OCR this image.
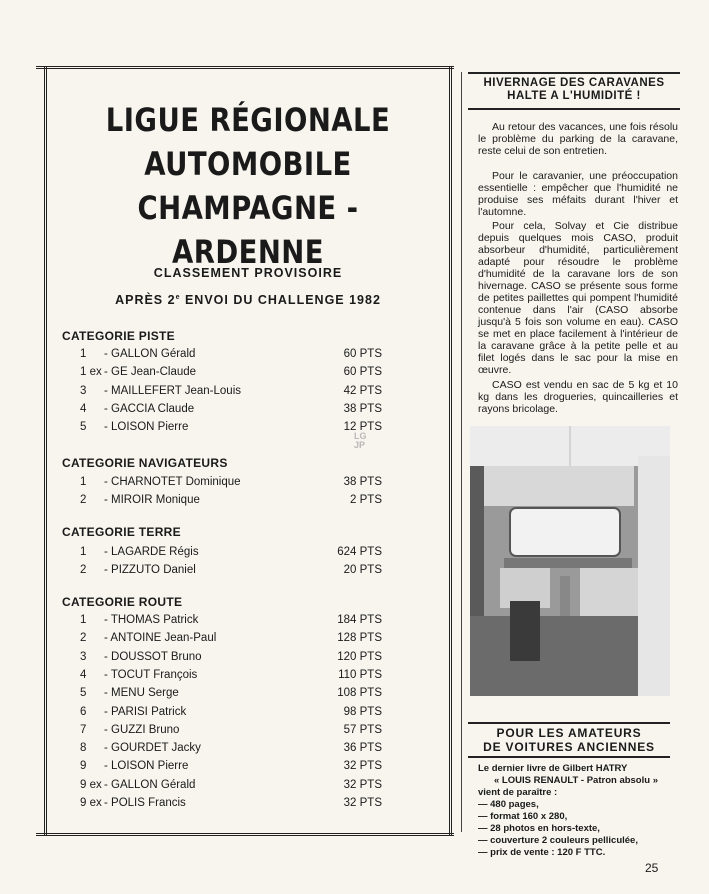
LIGUE RÉGIONALE
AUTOMOBILE
CHAMPAGNE - ARDENNE
CLASSEMENT PROVISOIRE
APRÈS 2e ENVOI DU CHALLENGE 1982
CATEGORIE PISTE
1	- GALLON Gérald	60 PTS
1 ex - GE Jean-Claude	60 PTS
3	- MAILLEFERT Jean-Louis	42 PTS
4	- GACCIA Claude	38 PTS
5	- LOISON Pierre	12 PTS
CATEGORIE NAVIGATEURS
1	- CHARNOTET Dominique	38 PTS
2	- MIROIR Monique	2 PTS
CATEGORIE TERRE
1	- LAGARDE Régis	624 PTS
2	- PIZZUTO Daniel	20 PTS
CATEGORIE ROUTE
1	- THOMAS Patrick	184 PTS
2	- ANTOINE Jean-Paul	128 PTS
3	- DOUSSOT Bruno	120 PTS
4	- TOCUT François	110 PTS
5	- MENU Serge	108 PTS
6	- PARISI Patrick	98 PTS
7	- GUZZI Bruno	57 PTS
8	- GOURDET Jacky	36 PTS
9	- LOISON Pierre	32 PTS
9 ex - GALLON Gérald	32 PTS
9 ex - POLIS Francis	32 PTS
LG
JP
HIVERNAGE DES CARAVANES
HALTE A L'HUMIDITÉ !

Au retour des vacances, une fois résolu le problème du parking de la caravane, reste celui de son entretien.

Pour le caravanier, une préoccupation essentielle : empêcher que l'humidité ne produise ses méfaits durant l'hiver et l'automne.

Pour cela, Solvay et Cie distribue depuis quelques mois CASO, produit absorbeur d'humidité, particulièrement adapté pour résoudre le problème d'humidité de la caravane lors de son hivernage. CASO se présente sous forme de petites paillettes qui pompent l'humidité contenue dans l'air (CASO absorbe jusqu'à 5 fois son volume en eau). CASO se met en place facilement à l'intérieur de la caravane grâce à la petite pelle et au filet logés dans le sac pour la mise en œuvre.

CASO est vendu en sac de 5 kg et 10 kg dans les drogueries, quincailleries et rayons bricolage.

POUR LES AMATEURS
DE VOITURES ANCIENNES
Le dernier livre de Gilbert HATRY
« LOUIS RENAULT - Patron absolu »
vient de paraître :
— 480 pages,
— format 160 x 280,
— 28 photos en hors-texte,
— couverture 2 couleurs pelliculée,
— prix de vente : 120 F TTC.
25
